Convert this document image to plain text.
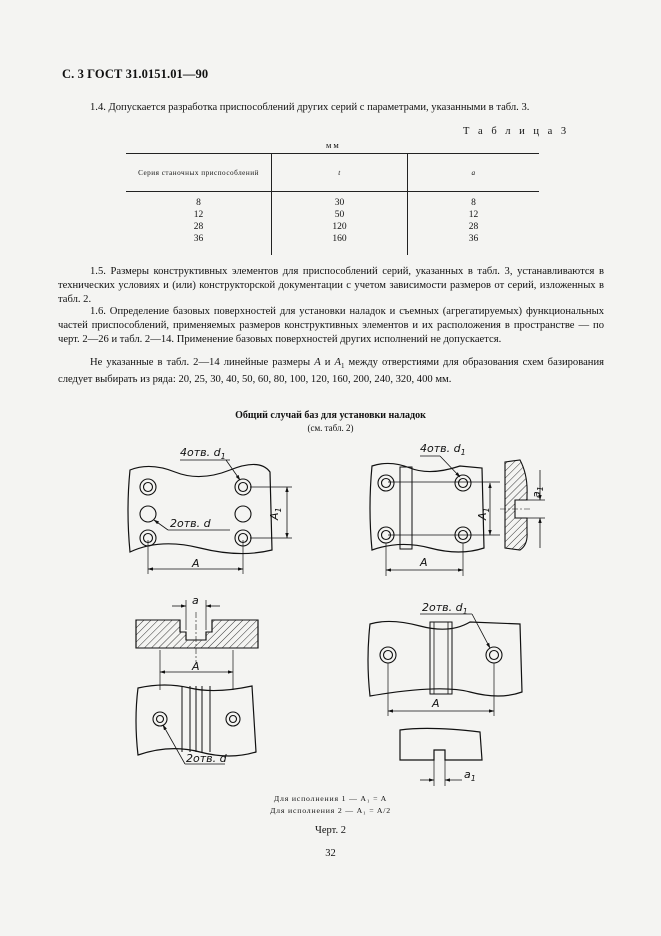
С. 3 ГОСТ 31.0151.01—90
1.4. Допускается разработка приспособлений других серий с параметрами, указанными в табл. 3.
Т а б л и ц а 3
мм
Серия станочных приспособлений	t	a
8	30	8
12	50	12
28	120	28
36	160	36
1.5. Размеры конструктивных элементов для приспособлений серий, указанных в табл. 3, устанавливаются в технических условиях и (или) конструкторской документации с учетом зависимости размеров от серий, изложенных в табл. 2.
1.6. Определение базовых поверхностей для установки наладок и съемных (агрегатируемых) функциональных частей приспособлений, применяемых размеров конструктивных элементов и их расположения в пространстве — по черт. 2—26 и табл. 2—14. Применение базовых поверхностей других исполнений не допускается.
Не указанные в табл. 2—14 линейные размеры A и $A_1$ между отверстиями для образования схем базирования следует выбирать из ряда: 20, 25, 30, 40, 50, 60, 80, 100, 120, 160, 200, 240, 320, 400 мм.
Общий случай баз для установки наладок
(см. табл. 2)
4отв. $d_1$
2отв. d
A
$A_1$
4отв. $d_1$
A
$A_1$
$a_1$
a
A
2отв. d
2отв. $d_1$
A
$a_1$
Для исполнения 1 — A₁ = A
Для исполнения 2 — A₁ = A/2
Черт. 2
32
